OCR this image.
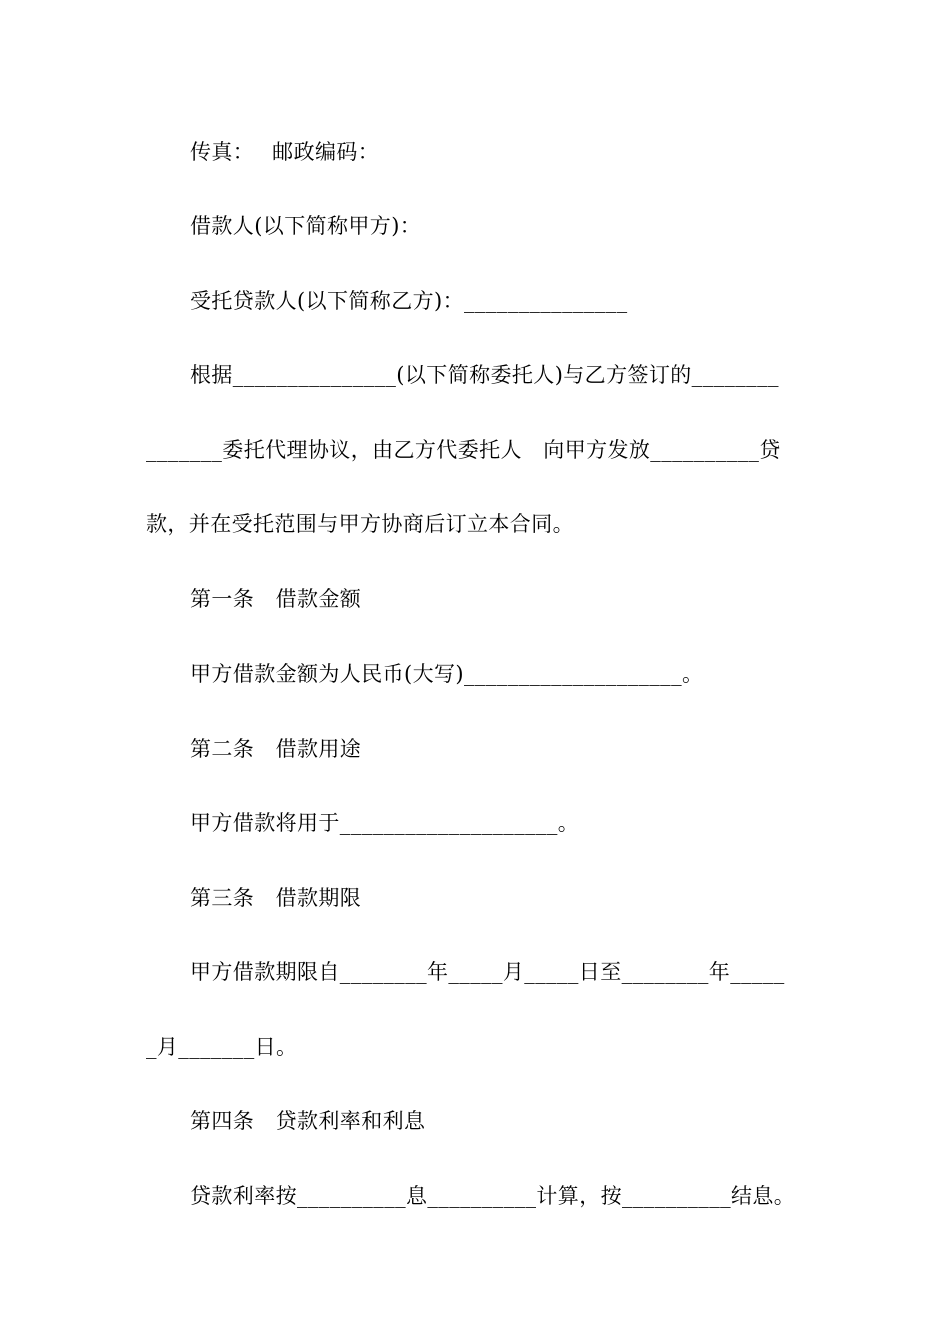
传真：　 邮政编码：
借款人(以下简称甲方)：
受托贷款人(以下简称乙方)：_______________
根据_______________(以下简称委托人)与乙方签订的________
_______委托代理协议，由乙方代委托人　向甲方发放__________贷
款，并在受托范围与甲方协商后订立本合同。
第一条　借款金额
甲方借款金额为人民币(大写)____________________。
第二条　借款用途
甲方借款将用于____________________。
第三条　借款期限
甲方借款期限自________年_____月_____日至________年_____
_月_______日。
第四条　贷款利率和利息
贷款利率按__________息__________计算，按__________结息。
